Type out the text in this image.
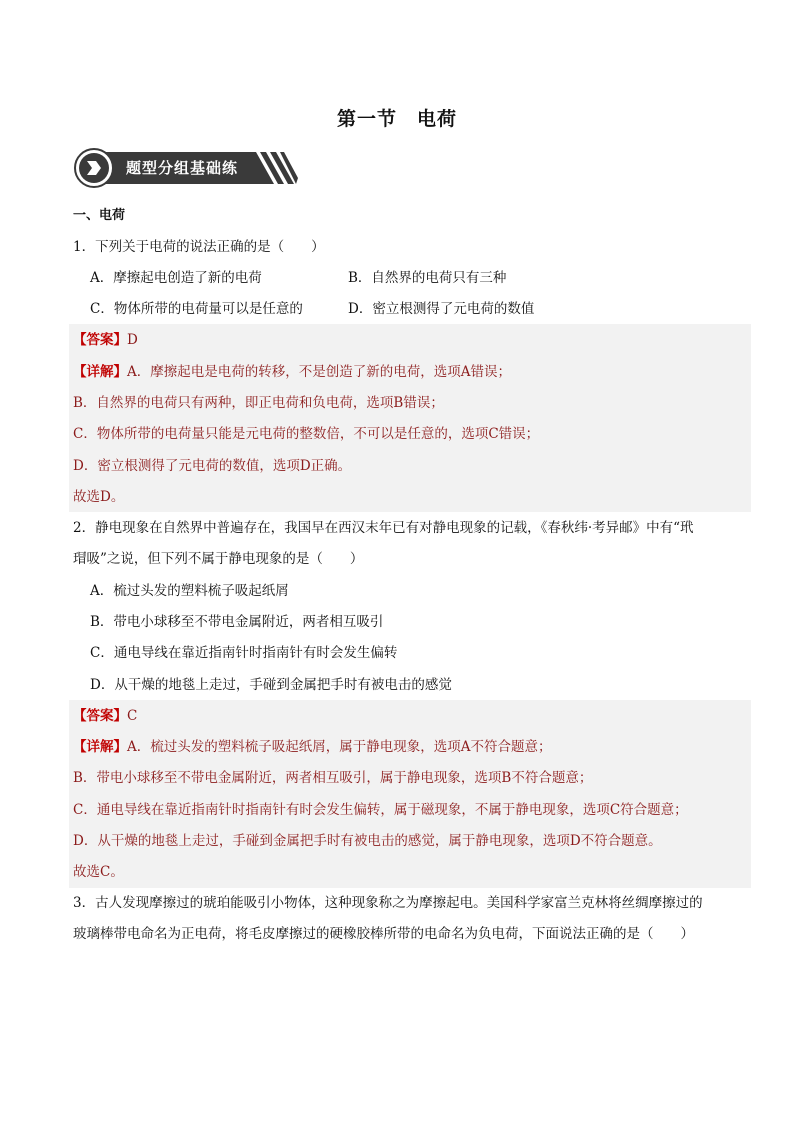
第一节　电荷
题型分组基础练
一、电荷
1．下列关于电荷的说法正确的是（　　）
A．摩擦起电创造了新的电荷	B．自然界的电荷只有三种
C．物体所带的电荷量可以是任意的	D．密立根测得了元电荷的数值
【答案】D
【详解】A．摩擦起电是电荷的转移，不是创造了新的电荷，选项A错误；
B．自然界的电荷只有两种，即正电荷和负电荷，选项B错误；
C．物体所带的电荷量只能是元电荷的整数倍，不可以是任意的，选项C错误；
D．密立根测得了元电荷的数值，选项D正确。
故选D。
2．静电现象在自然界中普遍存在，我国早在西汉末年已有对静电现象的记载，《春秋纬·考异邮》中有“玳
瑁吸”之说，但下列不属于静电现象的是（　　）
A．梳过头发的塑料梳子吸起纸屑
B．带电小球移至不带电金属附近，两者相互吸引
C．通电导线在靠近指南针时指南针有时会发生偏转
D．从干燥的地毯上走过，手碰到金属把手时有被电击的感觉
【答案】C
【详解】A．梳过头发的塑料梳子吸起纸屑，属于静电现象，选项A不符合题意；
B．带电小球移至不带电金属附近，两者相互吸引，属于静电现象，选项B不符合题意；
C．通电导线在靠近指南针时指南针有时会发生偏转，属于磁现象，不属于静电现象，选项C符合题意；
D．从干燥的地毯上走过，手碰到金属把手时有被电击的感觉，属于静电现象，选项D不符合题意。
故选C。
3．古人发现摩擦过的琥珀能吸引小物体，这种现象称之为摩擦起电。美国科学家富兰克林将丝绸摩擦过的
玻璃棒带电命名为正电荷，将毛皮摩擦过的硬橡胶棒所带的电命名为负电荷，下面说法正确的是（　　）
